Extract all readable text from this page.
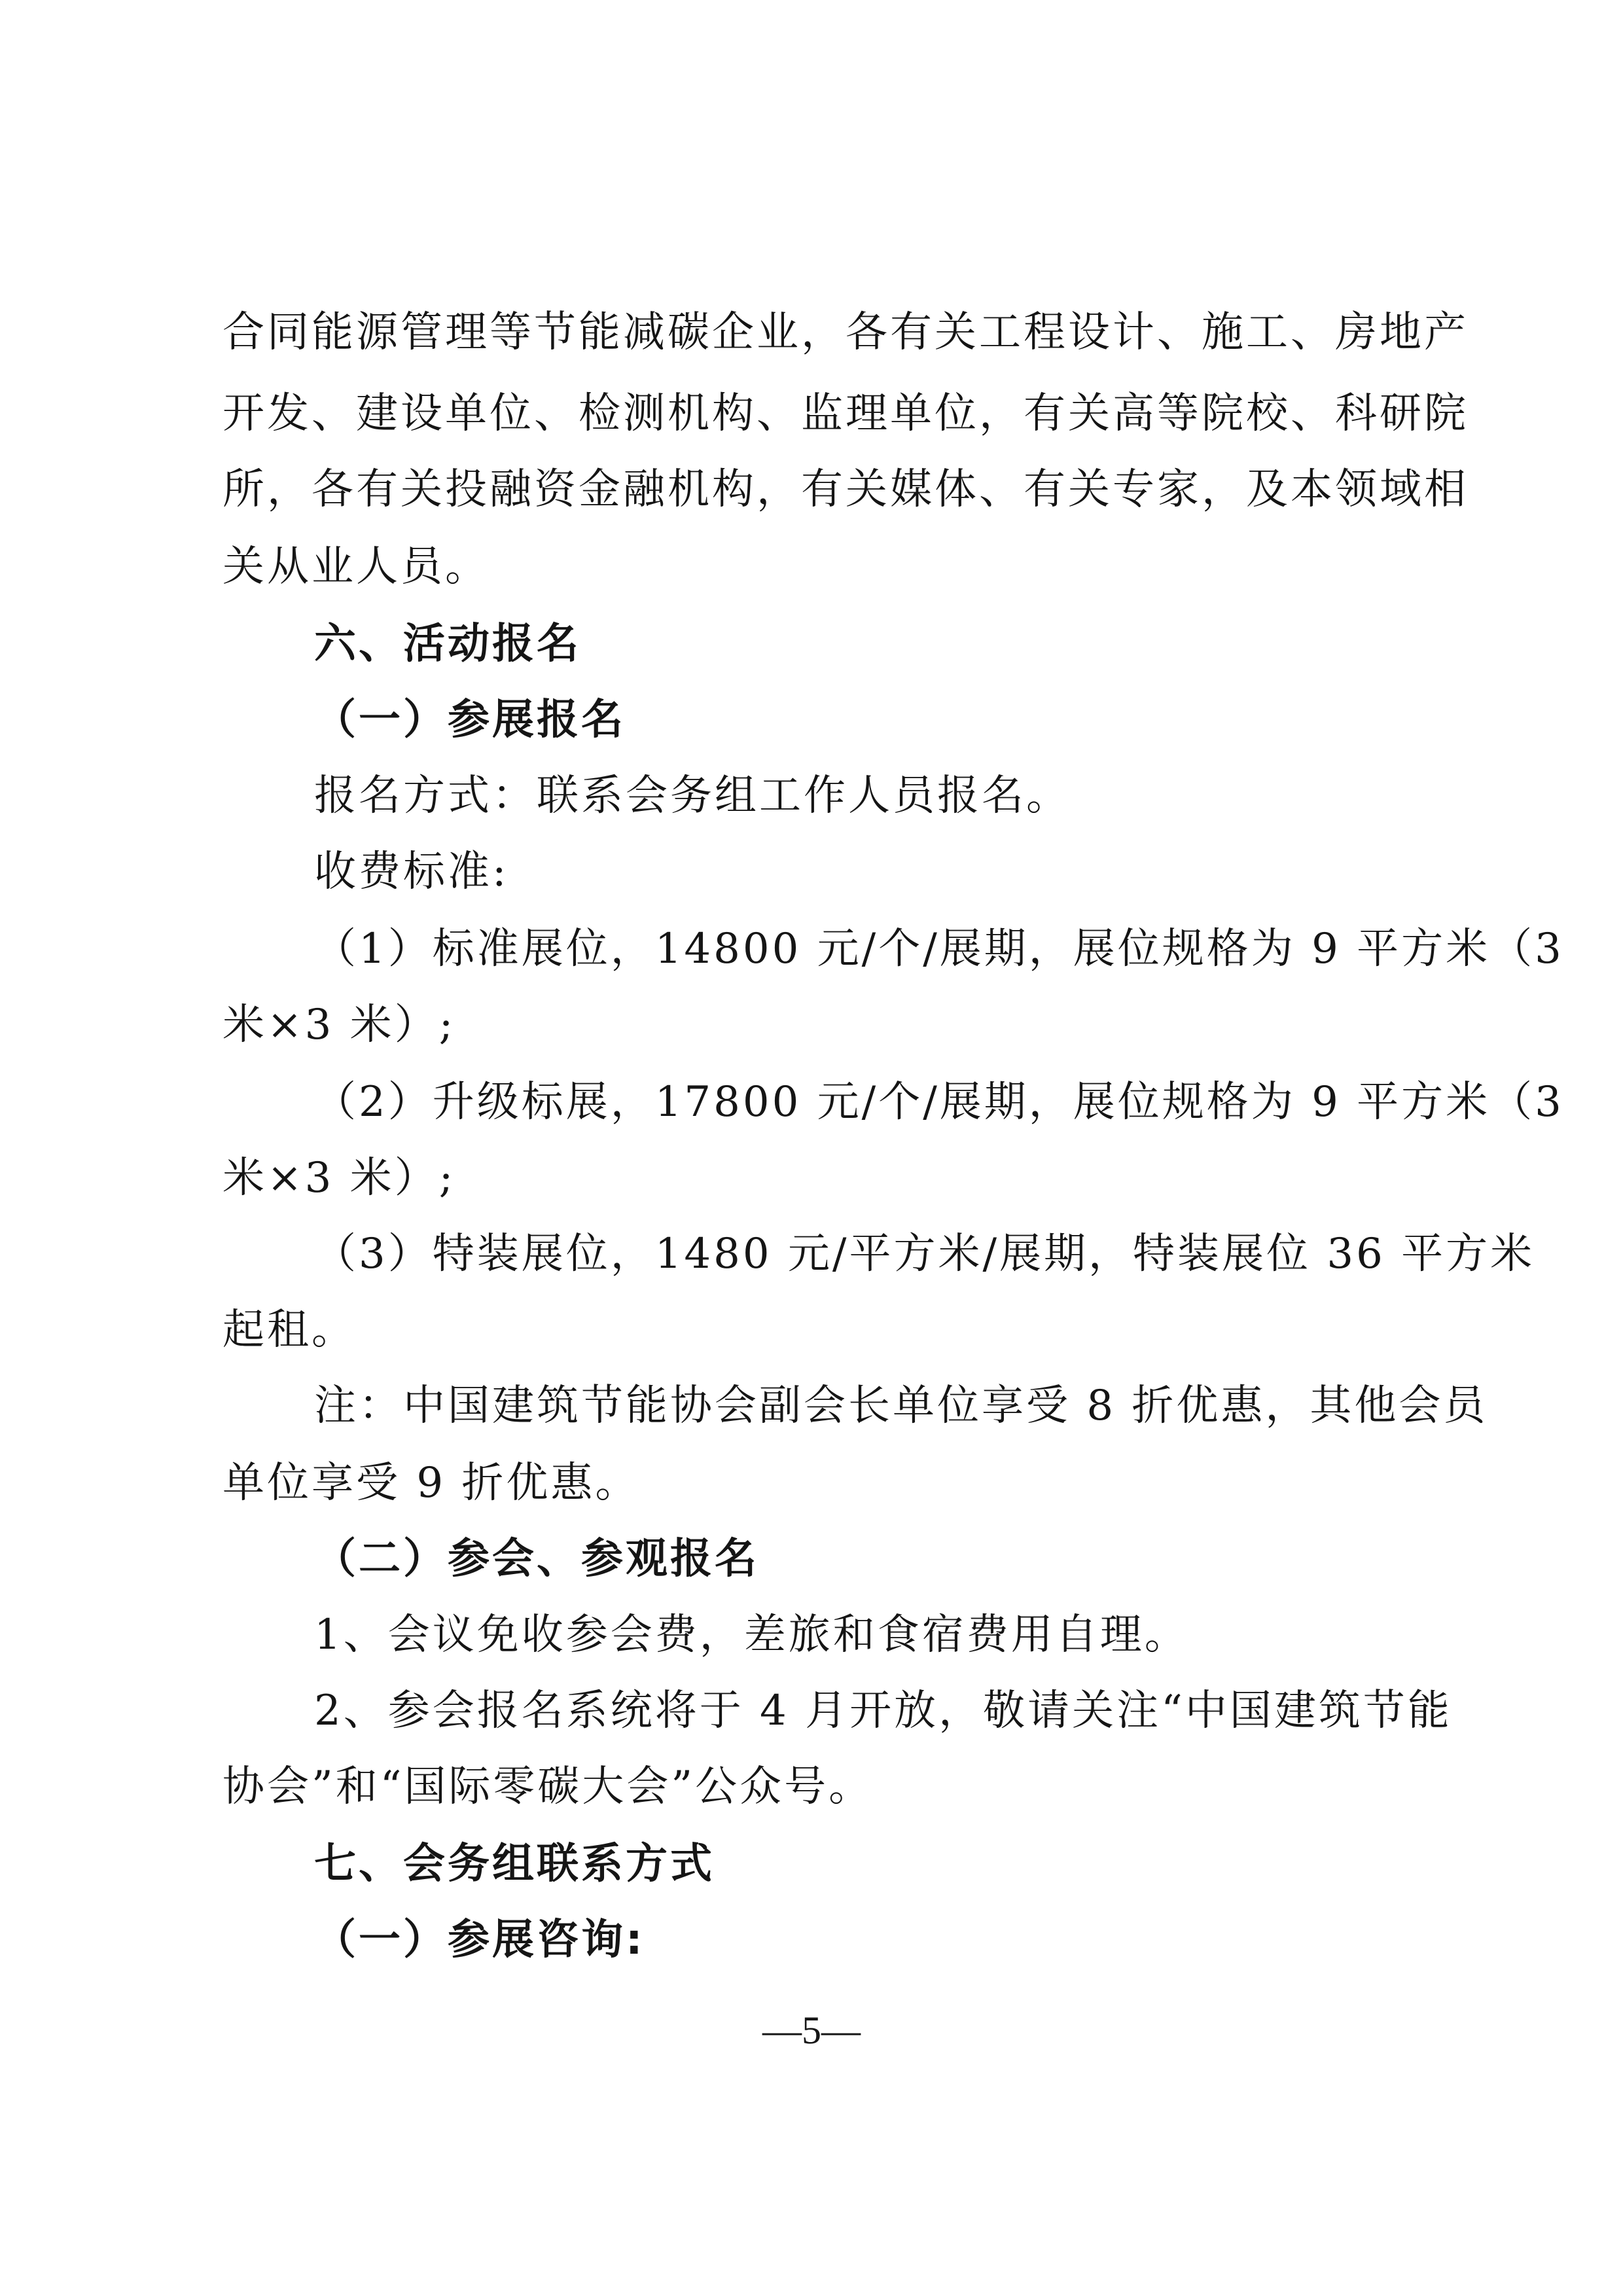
合同能源管理等节能减碳企业，各有关工程设计、施工、房地产
开发、建设单位、检测机构、监理单位，有关高等院校、科研院
所，各有关投融资金融机构，有关媒体、有关专家，及本领域相
关从业人员。
六、活动报名
（一）参展报名
报名方式：联系会务组工作人员报名。
收费标准:
（1）标准展位，14800 元/个/展期，展位规格为 9 平方米（3
米×3 米）;
（2）升级标展，17800 元/个/展期，展位规格为 9 平方米（3
米×3 米）;
（3）特装展位，1480 元/平方米/展期，特装展位 36 平方米
起租。
注：中国建筑节能协会副会长单位享受 8 折优惠，其他会员
单位享受 9 折优惠。
（二）参会、参观报名
1、会议免收参会费，差旅和食宿费用自理。
2、参会报名系统将于 4 月开放，敬请关注“中国建筑节能
协会”和“国际零碳大会”公众号。
七、会务组联系方式
（一）参展咨询:
—5—
